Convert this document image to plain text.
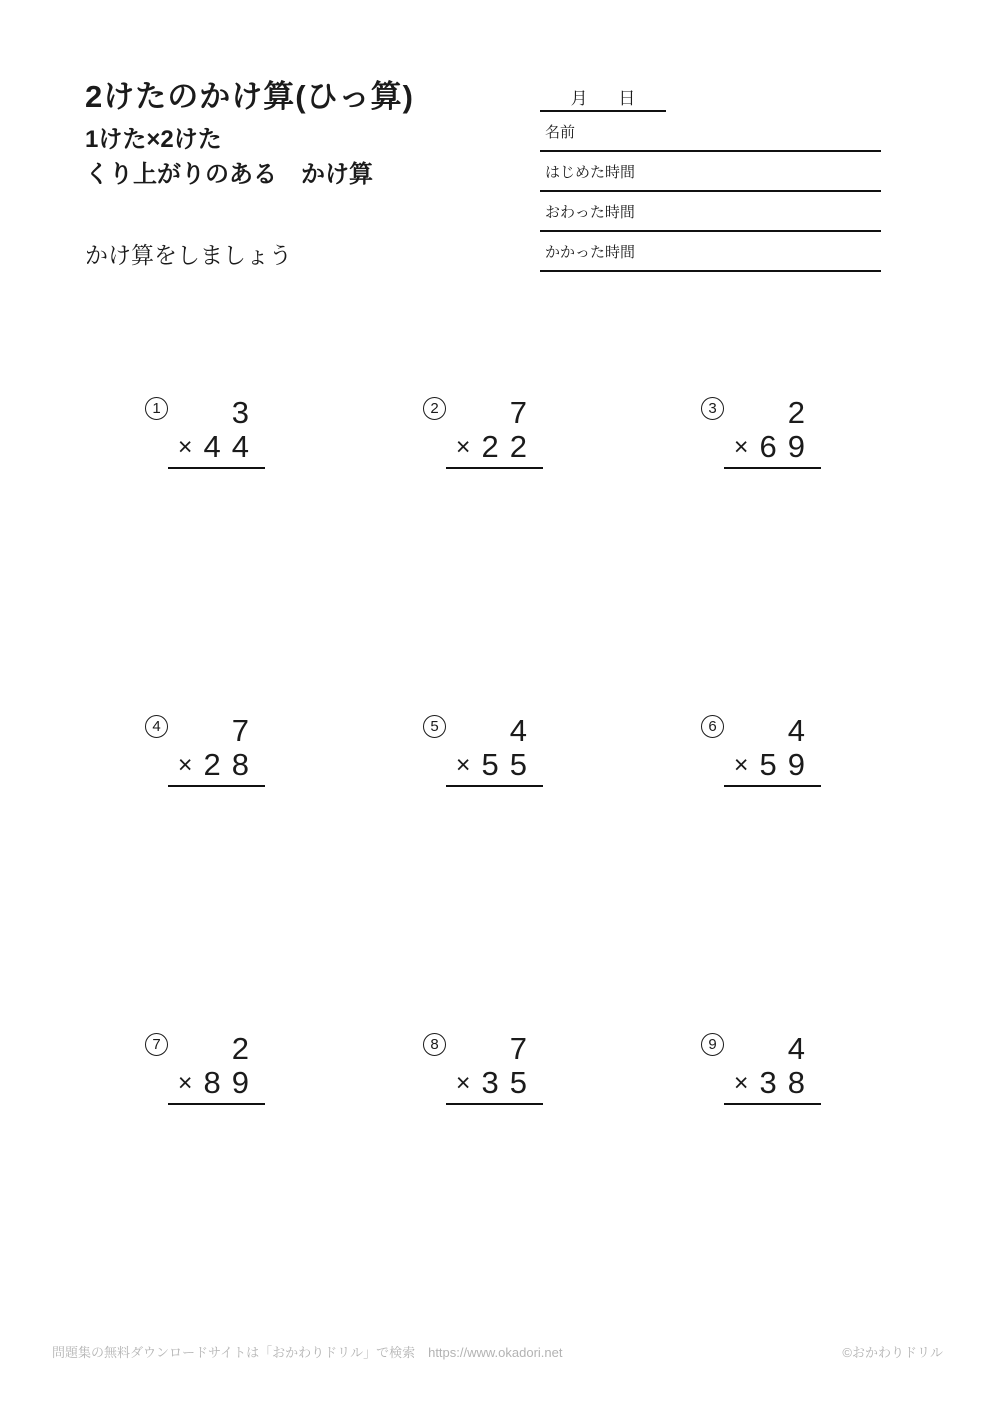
2けたのかけ算(ひっ算)
1けた×2けた
くり上がりのある　かけ算
かけ算をしましょう
月 日
名前
はじめた時間
おわった時間
かかった時間
1 3
× 4 4
2 7
× 2 2
3 2
× 6 9
4 7
× 2 8
5 4
× 5 5
6 4
× 5 9
7 2
× 8 9
8 7
× 3 5
9 4
× 3 8
問題集の無料ダウンロードサイトは「おかわりドリル」で検索　https://www.okadori.net	©おかわりドリル
